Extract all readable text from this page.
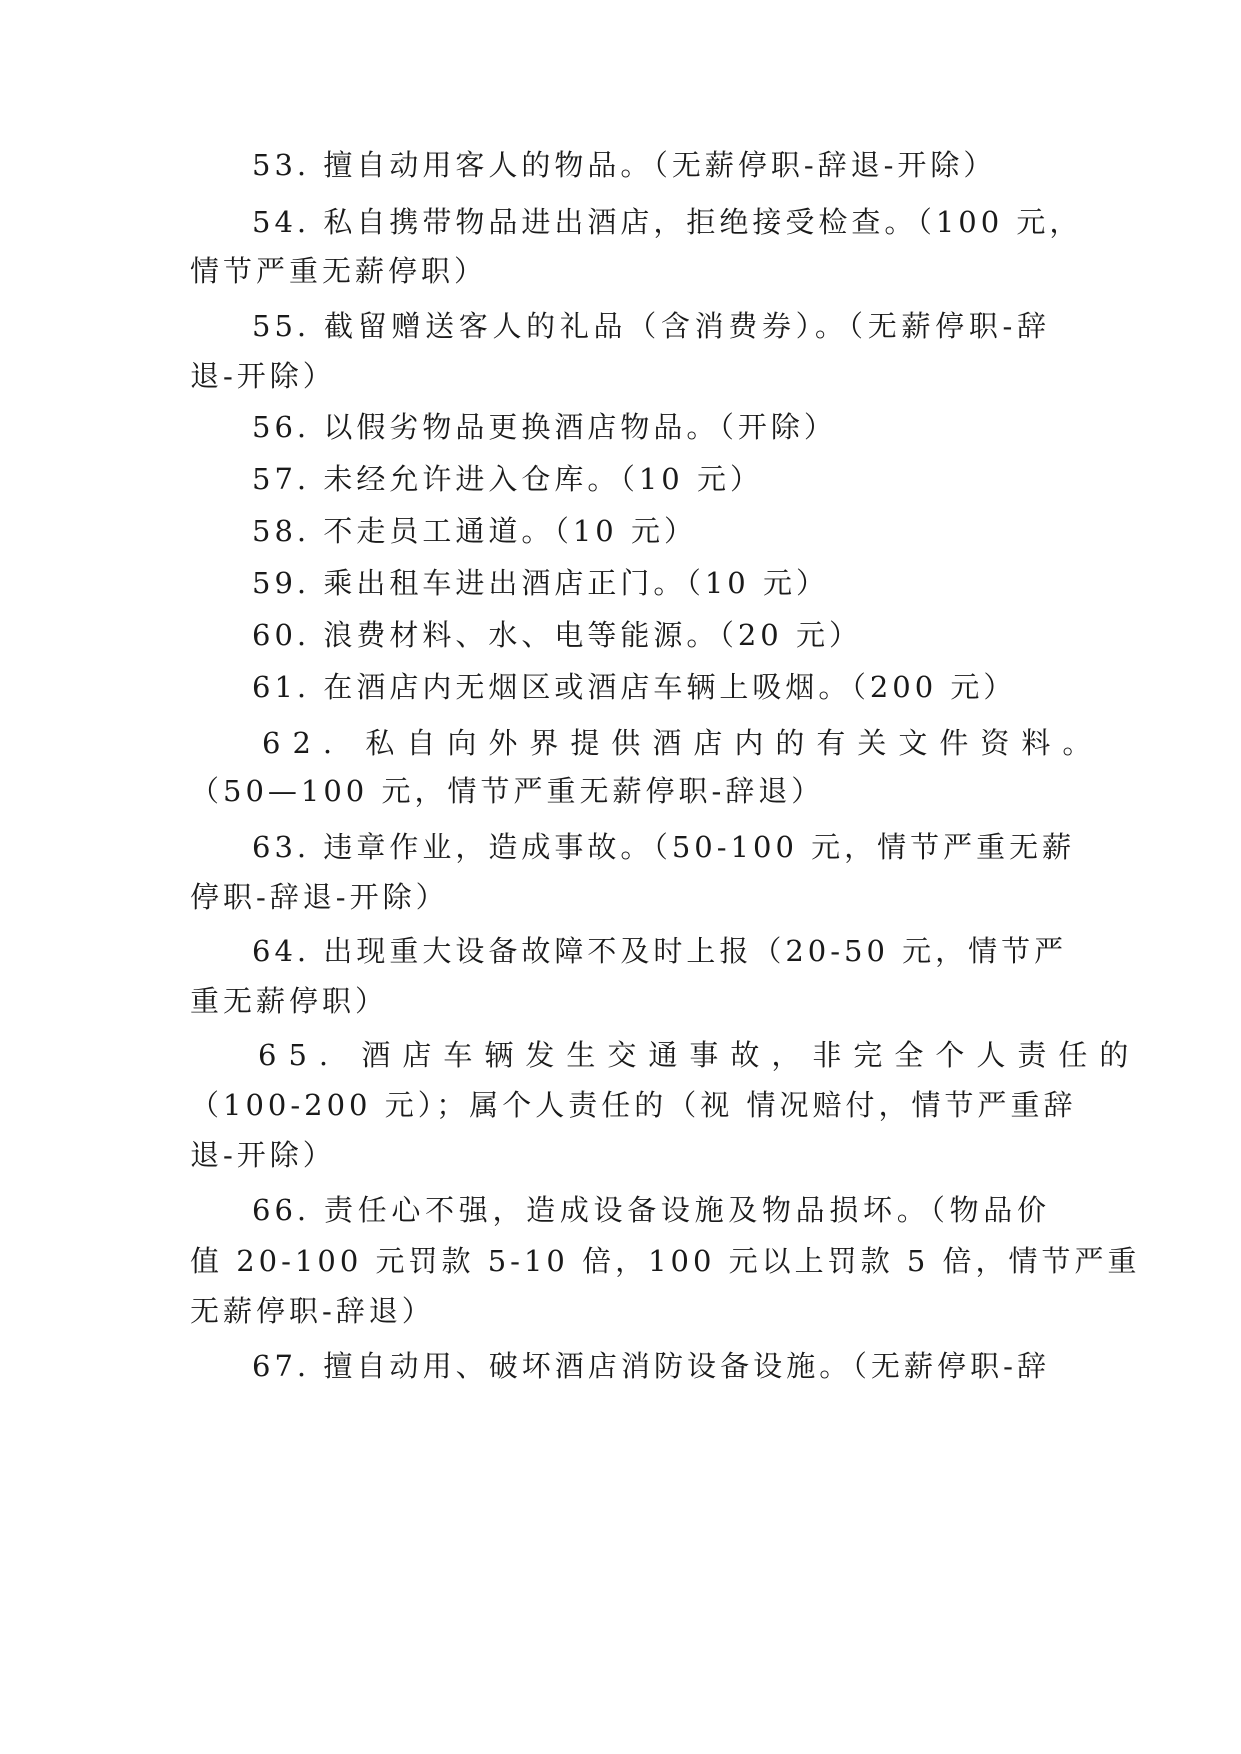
53. 擅自动用客人的物品。（无薪停职-辞退-开除）
54. 私自携带物品进出酒店，拒绝接受检查。（100 元，
情节严重无薪停职）
55. 截留赠送客人的礼品（含消费券）。（无薪停职-辞
退-开除）
56. 以假劣物品更换酒店物品。（开除）
57. 未经允许进入仓库。（10 元）
58. 不走员工通道。（10 元）
59. 乘出租车进出酒店正门。（10 元）
60. 浪费材料、水、电等能源。（20 元）
61. 在酒店内无烟区或酒店车辆上吸烟。（200 元）
62. 私自向外界提供酒店内的有关文件资料。
（50—100 元，情节严重无薪停职-辞退）
63. 违章作业，造成事故。（50-100 元，情节严重无薪
停职-辞退-开除）
64. 出现重大设备故障不及时上报（20-50 元，情节严
重无薪停职）
65. 酒店车辆发生交通事故，非完全个人责任的
（100-200 元）；属个人责任的（视 情况赔付，情节严重辞
退-开除）
66. 责任心不强，造成设备设施及物品损坏。（物品价
值 20-100 元罚款 5-10 倍，100 元以上罚款 5 倍，情节严重
无薪停职-辞退）
67. 擅自动用、破坏酒店消防设备设施。（无薪停职-辞
